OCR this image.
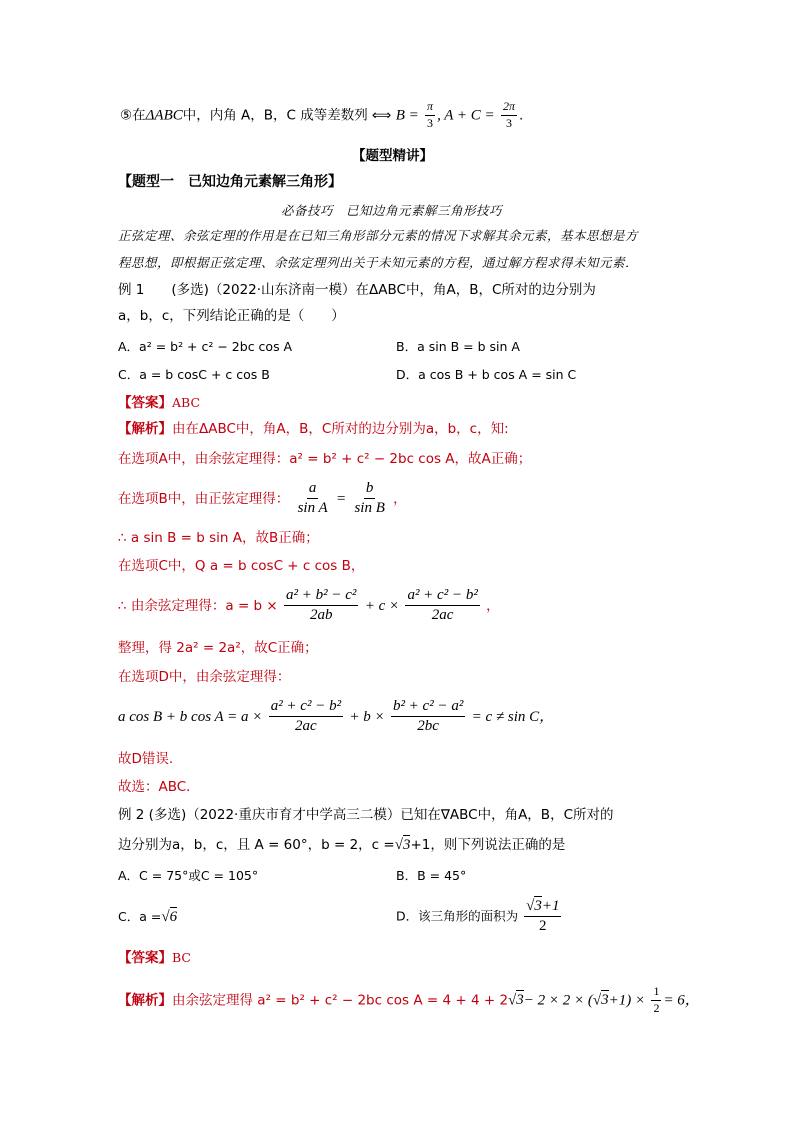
⑤在ΔABC中，内角 A，B，C 成等差数列 ⟺ $B = \frac{\pi}{3}$ , $A + C = \frac{2\pi}{3}$ .
【题型精讲】
【题型一　已知边角元素解三角形】
必备技巧　已知边角元素解三角形技巧
正弦定理、余弦定理的作用是在已知三角形部分元素的情况下求解其余元素，基本思想是方
程思想，即根据正弦定理、余弦定理列出关于未知元素的方程，通过解方程求得未知元素．
例 1　　(多选)（2022·山东济南一模）在ΔABC中，角A，B，C所对的边分别为
a，b，c，下列结论正确的是（　　）
A．a² = b² + c² − 2bc cos A	B．a sin B = b sin A
C．a = b cosC + c cos B	D．a cos B + b cos A = sin C
【答案】ABC
【解析】由在ΔABC中，角A，B，C所对的边分别为a，b，c，知:
在选项A中，由余弦定理得：a² = b² + c² − 2bc cos A，故A正确；
在选项B中，由正弦定理得： $\frac{a}{\text{sin A}} = \frac{b}{\text{sin B}}$ ，
∴ a sin B = b sin A，故B正确；
在选项C中，Q a = b cosC + c cos B，
∴ 由余弦定理得：$a = b \times \frac{\text{a² + b² − c²}}{2ab} + c \times \frac{\text{a² + c² − b²}}{2ac}$ ，
整理，得 2a² = 2a²，故C正确；
在选项D中，由余弦定理得：
a cos B + b $\cos A = a \times \frac{\text{a² + c² − b²}}{2ac} + b \times \frac{\text{b² + c² − a²}}{2bc} = c \ne \sin C$，
故D错误.
故选：ABC．
例 2 (多选)（2022·重庆市育才中学高三二模）已知在∇ABC中，角A，B，C所对的
边分别为a，b，c，且 A = 60°，b = 2，c =√3+1，则下列说法正确的是
A．C = 75°或C = 105°	B．B = 45°
C．a =√6	D．该三角形的面积为 $\frac{√3+1}{2}$
【答案】BC
【解析】由余弦定理得 a² = b² + c² − 2bc $\cos A = 4 + 4 + 2√3- 2 \times 2 \times (√3+1) \times \frac{1}{2} = 6$，
